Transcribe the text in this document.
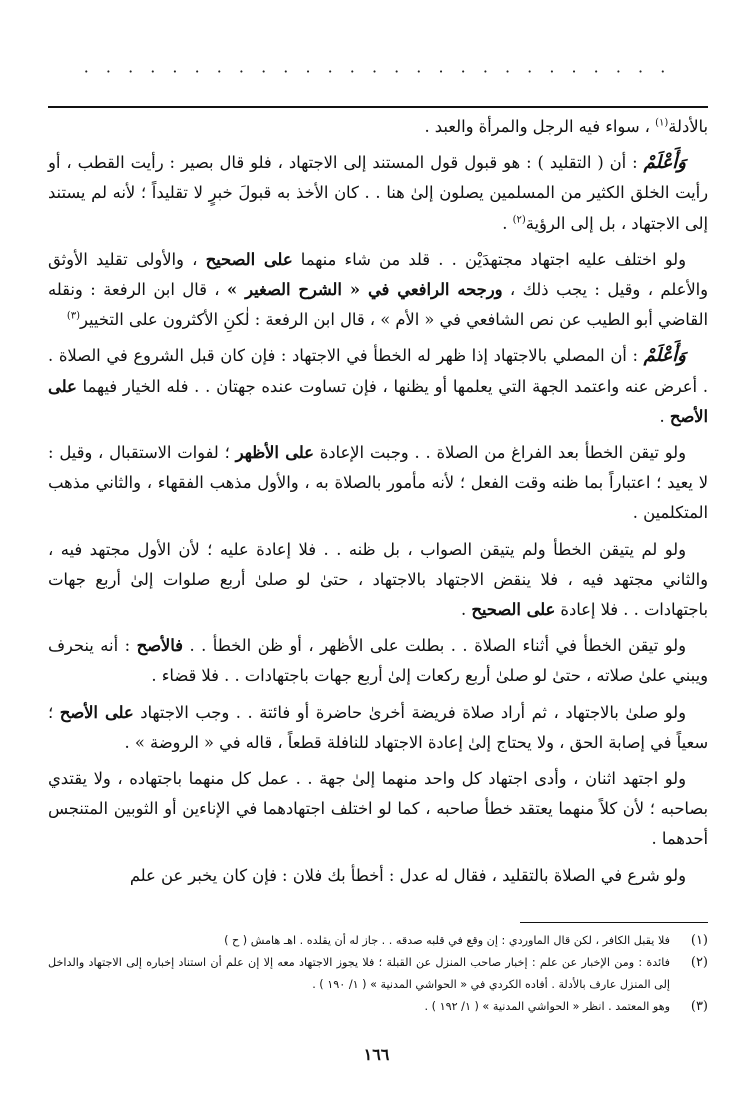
· · · · · · · · · · · · · · · · · · · · · · · · · · ·

بالأدلة$^{(١)}$ ، سواء فيه الرجل والمرأة والعبد .

وَأَعْلَمْ : أن ( التقليد ) : هو قبول قول المستند إلى الاجتهاد ، فلو قال بصير : رأيت القطب ، أو رأيت الخلق الكثير من المسلمين يصلون إلىٰ هنا . . كان الأخذ به قبولَ خبرٍ لا تقليداً ؛ لأنه لم يستند إلى الاجتهاد ، بل إلى الرؤية$^{(٢)}$ .

ولو اختلف عليه اجتهاد مجتهدَيْن . . قلد من شاء منهما على الصحيح ، والأولى تقليد الأوثق والأعلم ، وقيل : يجب ذلك ، ورجحه الرافعي في « الشرح الصغير » ، قال ابن الرفعة : ونقله القاضي أبو الطيب عن نص الشافعي في « الأم » ، قال ابن الرفعة : لٰكنِ الأكثرون على التخيير$^{(٣)}$

وَأَعْلَمْ : أن المصلي بالاجتهاد إذا ظهر له الخطأ في الاجتهاد : فإن كان قبل الشروع في الصلاة . . أعرض عنه واعتمد الجهة التي يعلمها أو يظنها ، فإن تساوت عنده جهتان . . فله الخيار فيهما على الأصح .

ولو تيقن الخطأ بعد الفراغ من الصلاة . . وجبت الإعادة على الأظهر ؛ لفوات الاستقبال ، وقيل : لا يعيد ؛ اعتباراً بما ظنه وقت الفعل ؛ لأنه مأمور بالصلاة به ، والأول مذهب الفقهاء ، والثاني مذهب المتكلمين .

ولو لم يتيقن الخطأ ولم يتيقن الصواب ، بل ظنه . . فلا إعادة عليه ؛ لأن الأول مجتهد فيه ، والثاني مجتهد فيه ، فلا ينقض الاجتهاد بالاجتهاد ، حتىٰ لو صلىٰ أربع صلوات إلىٰ أربع جهات باجتهادات . . فلا إعادة على الصحيح .

ولو تيقن الخطأ في أثناء الصلاة . . بطلت على الأظهر ، أو ظن الخطأ . . فالأصح : أنه ينحرف ويبني علىٰ صلاته ، حتىٰ لو صلىٰ أربع ركعات إلىٰ أربع جهات باجتهادات . . فلا قضاء .

ولو صلىٰ بالاجتهاد ، ثم أراد صلاة فريضة أخرىٰ حاضرة أو فائتة . . وجب الاجتهاد على الأصح ؛ سعياً في إصابة الحق ، ولا يحتاج إلىٰ إعادة الاجتهاد للنافلة قطعاً ، قاله في « الروضة » .

ولو اجتهد اثنان ، وأدى اجتهاد كل واحد منهما إلىٰ جهة . . عمل كل منهما باجتهاده ، ولا يقتدي بصاحبه ؛ لأن كلاً منهما يعتقد خطأ صاحبه ، كما لو اختلف اجتهادهما في الإناءين أو الثوبين المتنجس أحدهما .

ولو شرع في الصلاة بالتقليد ، فقال له عدل : أخطأ بك فلان : فإن كان يخبر عن علم

(١)
فلا يقبل الكافر ، لكن قال الماوردي : إن وقع في قلبه صدقه . . جاز له أن يقلده . اهـ هامش ( ح )
(٢)
فائدة : ومن الإخبار عن علم : إخبار صاحب المنزل عن القبلة ؛ فلا يجوز الاجتهاد معه إلا إن علم أن استناد إخباره إلى الاجتهاد والداخل إلى المنزل عارف بالأدلة . أفاده الكردي في « الحواشي المدنية » ( ١/ ١٩٠ ) .
(٣)
وهو المعتمد . انظر « الحواشي المدنية » ( ١/ ١٩٢ ) .
١٦٦
